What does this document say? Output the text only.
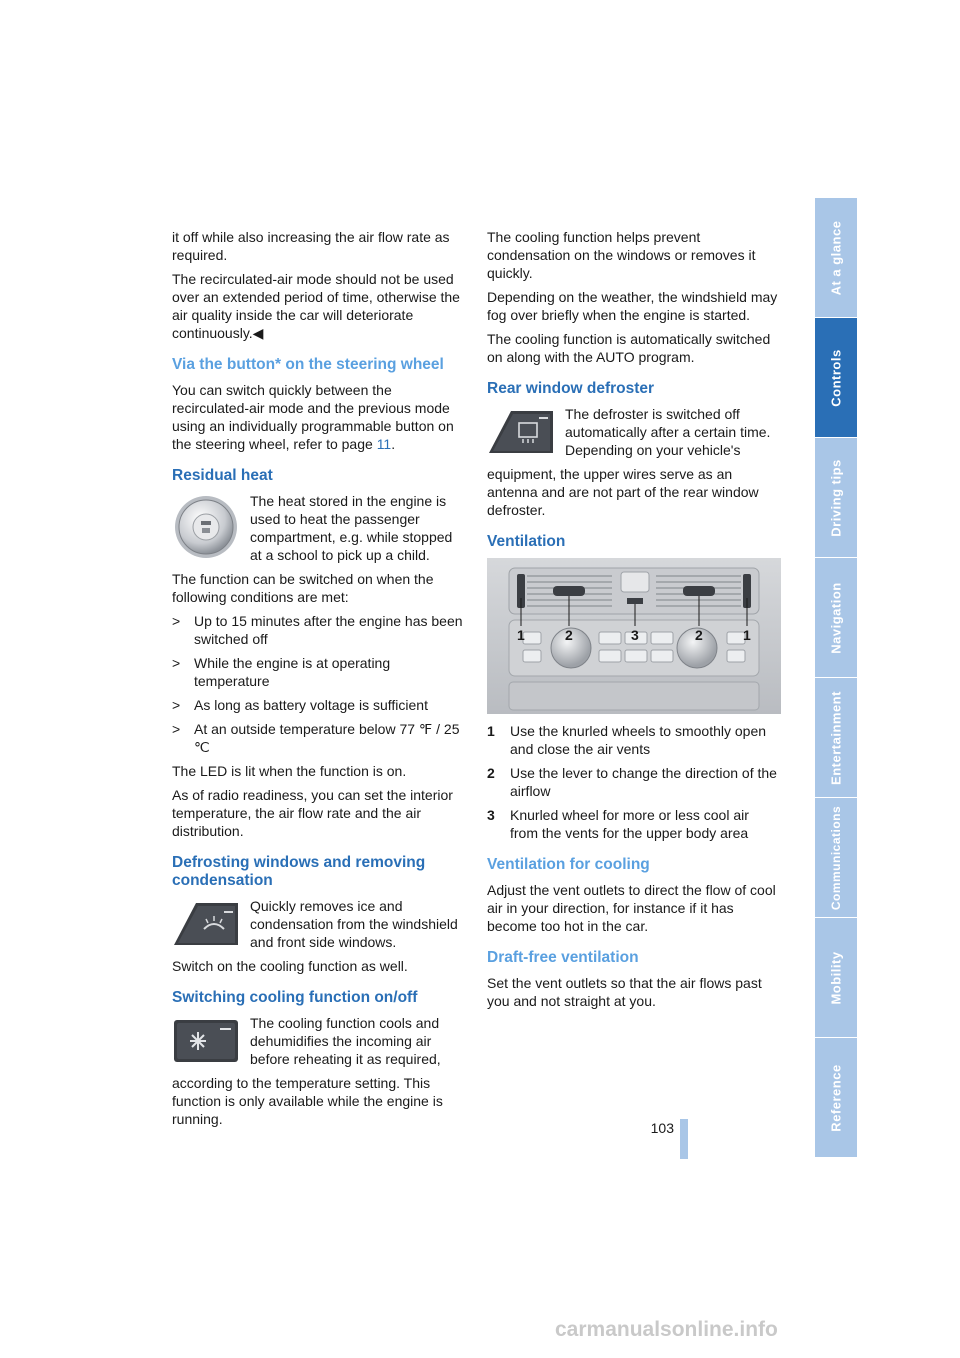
it off while also increasing the air flow rate as required.

The recirculated-air mode should not be used over an extended period of time, otherwise the air quality inside the car will deteriorate continuously.◀

Via the button* on the steering wheel

You can switch quickly between the recirculated-air mode and the previous mode using an individually programmable button on the steering wheel, refer to page 11.

Residual heat

The heat stored in the engine is used to heat the passenger compartment, e.g. while stopped at a school to pick up a child.

The function can be switched on when the following conditions are met:

> Up to 15 minutes after the engine has been switched off
> While the engine is at operating temperature
> As long as battery voltage is sufficient
> At an outside temperature below 77 ℉ / 25 ℃

The LED is lit when the function is on.

As of radio readiness, you can set the interior temperature, the air flow rate and the air distribution.

Defrosting windows and removing condensation

Quickly removes ice and condensation from the windshield and front side windows.

Switch on the cooling function as well.

Switching cooling function on/off

The cooling function cools and dehumidifies the incoming air before reheating it as required,

according to the temperature setting. This function is only available while the engine is running.

The cooling function helps prevent condensation on the windows or removes it quickly.

Depending on the weather, the windshield may fog over briefly when the engine is started.

The cooling function is automatically switched on along with the AUTO program.

Rear window defroster

The defroster is switched off automatically after a certain time. Depending on your vehicle's

equipment, the upper wires serve as an antenna and are not part of the rear window defroster.

Ventilation
1	2	3	2	1
1	Use the knurled wheels to smoothly open and close the air vents
2	Use the lever to change the direction of the airflow
3	Knurled wheel for more or less cool air from the vents for the upper body area
Ventilation for cooling

Adjust the vent outlets to direct the flow of cool air in your direction, for instance if it has become too hot in the car.

Draft-free ventilation

Set the vent outlets so that the air flows past you and not straight at you.

At a glance
Controls
Driving tips
Navigation
Entertainment
Communications
Mobility
Reference
103
carmanualsonline.info
